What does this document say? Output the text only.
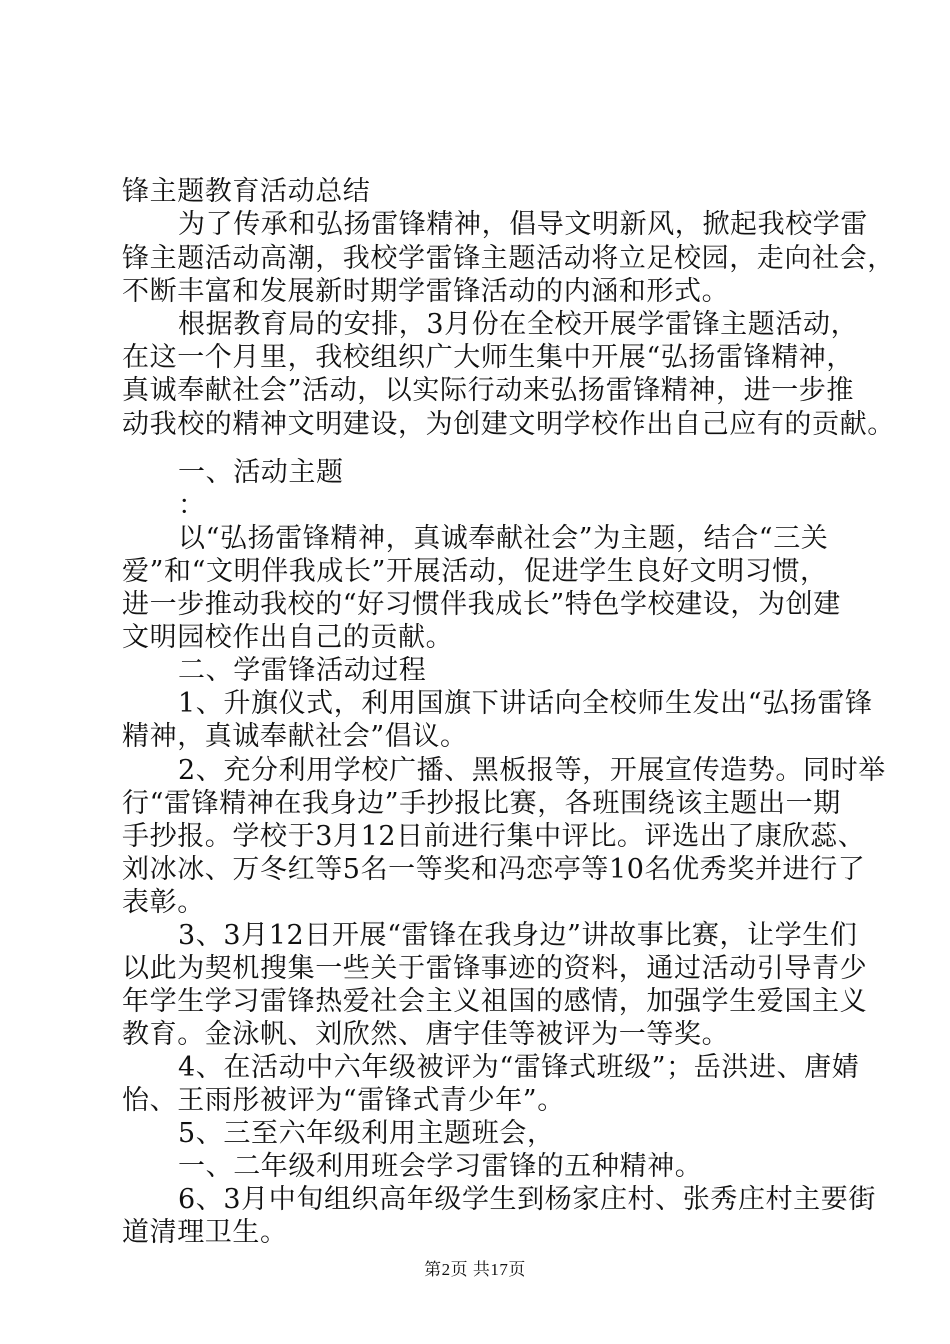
锋主题教育活动总结
为了传承和弘扬雷锋精神，倡导文明新风，掀起我校学雷
锋主题活动高潮，我校学雷锋主题活动将立足校园，走向社会，
不断丰富和发展新时期学雷锋活动的内涵和形式。
根据教育局的安排，3月份在全校开展学雷锋主题活动，
在这一个月里，我校组织广大师生集中开展“弘扬雷锋精神，
真诚奉献社会”活动，以实际行动来弘扬雷锋精神，进一步推
动我校的精神文明建设，为创建文明学校作出自己应有的贡献。
一、活动主题
：
以“弘扬雷锋精神，真诚奉献社会”为主题，结合“三关
爱”和“文明伴我成长”开展活动，促进学生良好文明习惯，
进一步推动我校的“好习惯伴我成长”特色学校建设，为创建
文明园校作出自己的贡献。
二、学雷锋活动过程
1、升旗仪式，利用国旗下讲话向全校师生发出“弘扬雷锋
精神，真诚奉献社会”倡议。
2、充分利用学校广播、黑板报等，开展宣传造势。同时举
行“雷锋精神在我身边”手抄报比赛，各班围绕该主题出一期
手抄报。学校于3月12日前进行集中评比。评选出了康欣蕊、
刘冰冰、万冬红等5名一等奖和冯恋亭等10名优秀奖并进行了
表彰。
3、3月12日开展“雷锋在我身边”讲故事比赛，让学生们
以此为契机搜集一些关于雷锋事迹的资料，通过活动引导青少
年学生学习雷锋热爱社会主义祖国的感情，加强学生爱国主义
教育。金泳帆、刘欣然、唐宇佳等被评为一等奖。
4、在活动中六年级被评为“雷锋式班级”；岳洪进、唐婧
怡、王雨彤被评为“雷锋式青少年”。
5、三至六年级利用主题班会，
一、二年级利用班会学习雷锋的五种精神。
6、3月中旬组织高年级学生到杨家庄村、张秀庄村主要街
道清理卫生。
第2页 共17页
